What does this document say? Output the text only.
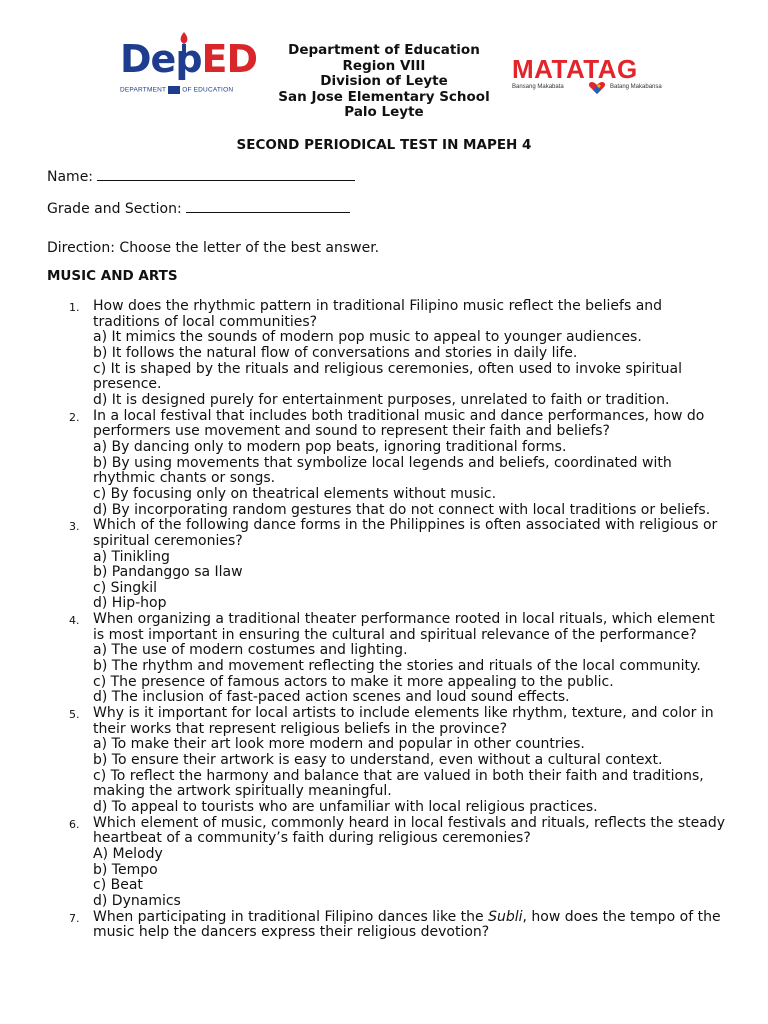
DepED
DEPARTMENT OF EDUCATION
Department of Education
Region VIII
Division of Leyte
San Jose Elementary School
Palo Leyte
MATATAG
Bansang Makabata	Batang Makabansa
SECOND PERIODICAL TEST IN MAPEH 4
Name:
Grade and Section:
Direction: Choose the letter of the best answer.
MUSIC AND ARTS
1. How does the rhythmic pattern in traditional Filipino music reflect the beliefs and traditions of local communities?
a) It mimics the sounds of modern pop music to appeal to younger audiences.
b) It follows the natural flow of conversations and stories in daily life.
c) It is shaped by the rituals and religious ceremonies, often used to invoke spiritual presence.
d) It is designed purely for entertainment purposes, unrelated to faith or tradition.
2. In a local festival that includes both traditional music and dance performances, how do performers use movement and sound to represent their faith and beliefs?
a) By dancing only to modern pop beats, ignoring traditional forms.
b) By using movements that symbolize local legends and beliefs, coordinated with rhythmic chants or songs.
c) By focusing only on theatrical elements without music.
d) By incorporating random gestures that do not connect with local traditions or beliefs.
3. Which of the following dance forms in the Philippines is often associated with religious or spiritual ceremonies?
a) Tinikling
b) Pandanggo sa Ilaw
c) Singkil
d) Hip-hop
4. When organizing a traditional theater performance rooted in local rituals, which element is most important in ensuring the cultural and spiritual relevance of the performance?
a) The use of modern costumes and lighting.
b) The rhythm and movement reflecting the stories and rituals of the local community.
c) The presence of famous actors to make it more appealing to the public.
d) The inclusion of fast-paced action scenes and loud sound effects.
5. Why is it important for local artists to include elements like rhythm, texture, and color in their works that represent religious beliefs in the province?
a) To make their art look more modern and popular in other countries.
b) To ensure their artwork is easy to understand, even without a cultural context.
c) To reflect the harmony and balance that are valued in both their faith and traditions, making the artwork spiritually meaningful.
d) To appeal to tourists who are unfamiliar with local religious practices.
6. Which element of music, commonly heard in local festivals and rituals, reflects the steady heartbeat of a community’s faith during religious ceremonies?
A) Melody
b) Tempo
c) Beat
d) Dynamics
7. When participating in traditional Filipino dances like the Subli, how does the tempo of the music help the dancers express their religious devotion?
